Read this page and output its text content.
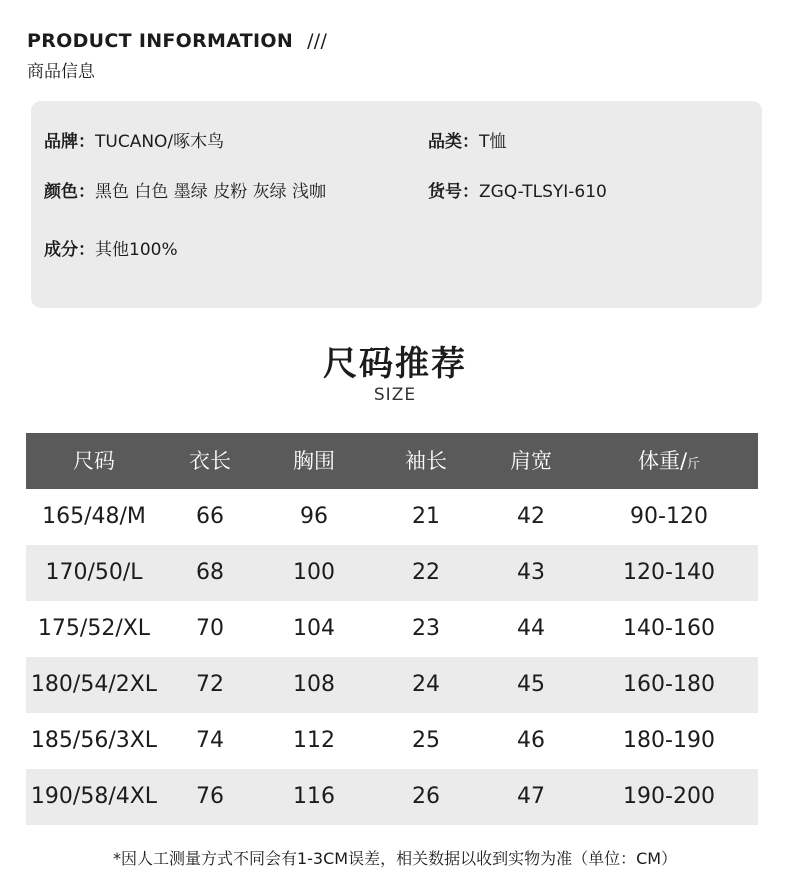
PRODUCT INFORMATION ///
商品信息
品牌：TUCANO/啄木鸟	品类：T恤
颜色：黑色 白色 墨绿 皮粉 灰绿 浅咖	货号：ZGQ-TLSYI-610
成分：其他100%
尺码推荐
SIZE
尺码	衣长	胸围	袖长	肩宽	体重/斤
165/48/M	66	96	21	42	90-120
170/50/L	68	100	22	43	120-140
175/52/XL	70	104	23	44	140-160
180/54/2XL	72	108	24	45	160-180
185/56/3XL	74	112	25	46	180-190
190/58/4XL	76	116	26	47	190-200
*因人工测量方式不同会有1-3CM误差，相关数据以收到实物为准（单位：CM）
